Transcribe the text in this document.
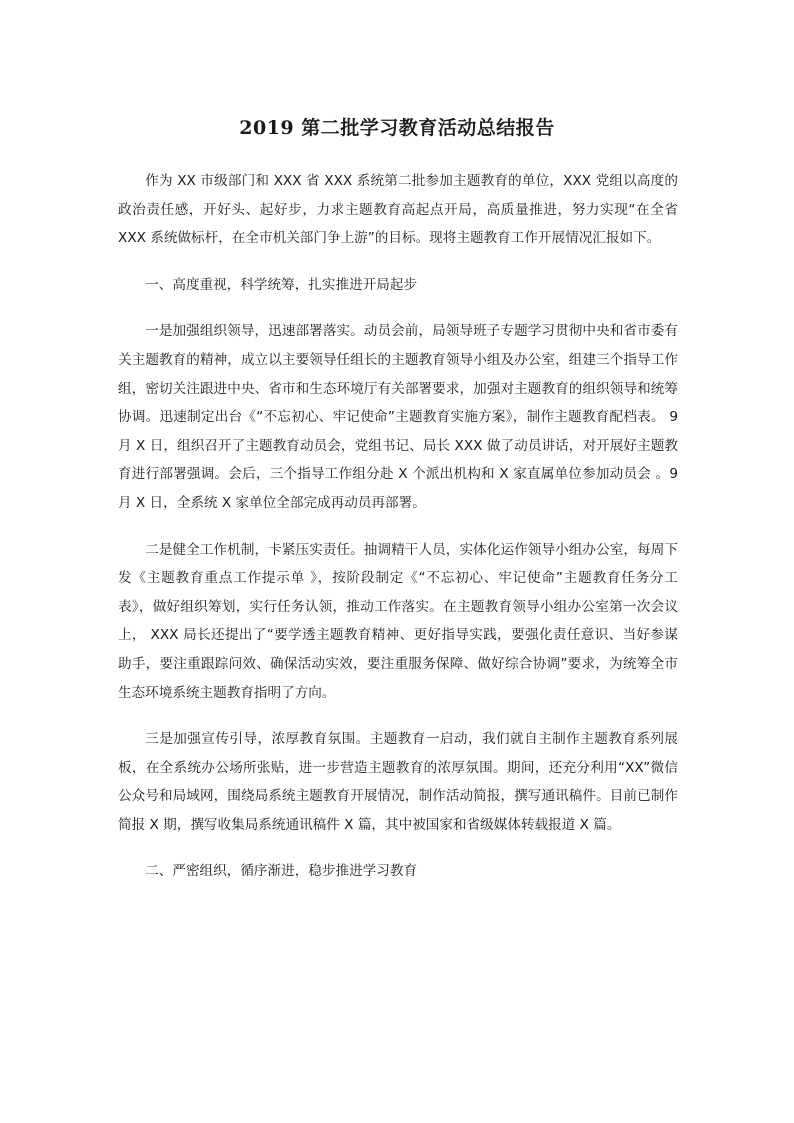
2019 第二批学习教育活动总结报告

作为 XX 市级部门和 XXX 省 XXX 系统第二批参加主题教育的单位，XXX 党组以高度的政治责任感，开好头、起好步，力求主题教育高起点开局，高质量推进，努力实现“在全省 XXX 系统做标杆，在全市机关部门争上游”的目标。现将主题教育工作开展情况汇报如下。

一、高度重视，科学统筹，扎实推进开局起步

一是加强组织领导，迅速部署落实。动员会前，局领导班子专题学习贯彻中央和省市委有关主题教育的精神，成立以主要领导任组长的主题教育领导小组及办公室，组建三个指导工作组，密切关注跟进中央、省市和生态环境厅有关部署要求，加强对主题教育的组织领导和统筹协调。迅速制定出台《“不忘初心、牢记使命”主题教育实施方案》，制作主题教育配档表。 9 月 X 日，组织召开了主题教育动员会，党组书记、局长 XXX 做了动员讲话，对开展好主题教育进行部署强调。会后，三个指导工作组分赴 X 个派出机构和 X 家直属单位参加动员会 。9 月 X 日，全系统 X 家单位全部完成再动员再部署。

二是健全工作机制，卡紧压实责任。抽调精干人员，实体化运作领导小组办公室，每周下发《主题教育重点工作提示单 》，按阶段制定《“不忘初心、牢记使命”主题教育任务分工表》，做好组织筹划，实行任务认领，推动工作落实。在主题教育领导小组办公室第一次会议上， XXX 局长还提出了“要学透主题教育精神、更好指导实践，要强化责任意识、当好参谋助手，要注重跟踪问效、确保活动实效，要注重服务保障、做好综合协调”要求，为统筹全市生态环境系统主题教育指明了方向。

三是加强宣传引导，浓厚教育氛围。主题教育一启动，我们就自主制作主题教育系列展板，在全系统办公场所张贴，进一步营造主题教育的浓厚氛围。期间，还充分利用“XX”微信公众号和局域网，围绕局系统主题教育开展情况，制作活动简报，撰写通讯稿件。目前已制作 简报 X 期，撰写收集局系统通讯稿件 X 篇，其中被国家和省级媒体转载报道 X 篇。

二、严密组织，循序渐进，稳步推进学习教育
